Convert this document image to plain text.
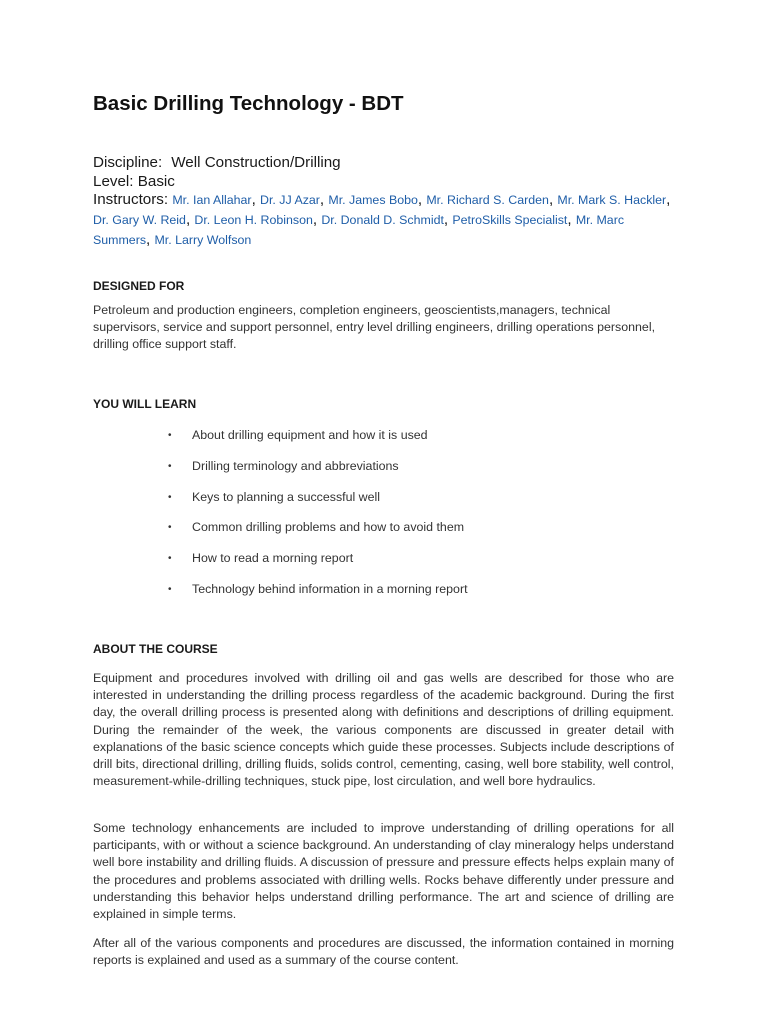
Basic Drilling Technology - BDT
Discipline: Well Construction/Drilling
Level: Basic
Instructors: Mr. Ian Allahar, Dr. JJ Azar, Mr. James Bobo, Mr. Richard S. Carden, Mr. Mark S. Hackler, Dr. Gary W. Reid, Dr. Leon H. Robinson, Dr. Donald D. Schmidt, PetroSkills Specialist, Mr. Marc Summers, Mr. Larry Wolfson
DESIGNED FOR

Petroleum and production engineers, completion engineers, geoscientists,managers, technical supervisors, service and support personnel, entry level drilling engineers, drilling operations personnel, drilling office support staff.

YOU WILL LEARN
• About drilling equipment and how it is used
• Drilling terminology and abbreviations
• Keys to planning a successful well
• Common drilling problems and how to avoid them
• How to read a morning report
• Technology behind information in a morning report
ABOUT THE COURSE

Equipment and procedures involved with drilling oil and gas wells are described for those who are interested in understanding the drilling process regardless of the academic background. During the first day, the overall drilling process is presented along with definitions and descriptions of drilling equipment. During the remainder of the week, the various components are discussed in greater detail with explanations of the basic science concepts which guide these processes. Subjects include descriptions of drill bits, directional drilling, drilling fluids, solids control, cementing, casing, well bore stability, well control, measurement-while-drilling techniques, stuck pipe, lost circulation, and well bore hydraulics.

Some technology enhancements are included to improve understanding of drilling operations for all participants, with or without a science background. An understanding of clay mineralogy helps understand well bore instability and drilling fluids. A discussion of pressure and pressure effects helps explain many of the procedures and problems associated with drilling wells. Rocks behave differently under pressure and understanding this behavior helps understand drilling performance. The art and science of drilling are explained in simple terms.

After all of the various components and procedures are discussed, the information contained in morning reports is explained and used as a summary of the course content.
